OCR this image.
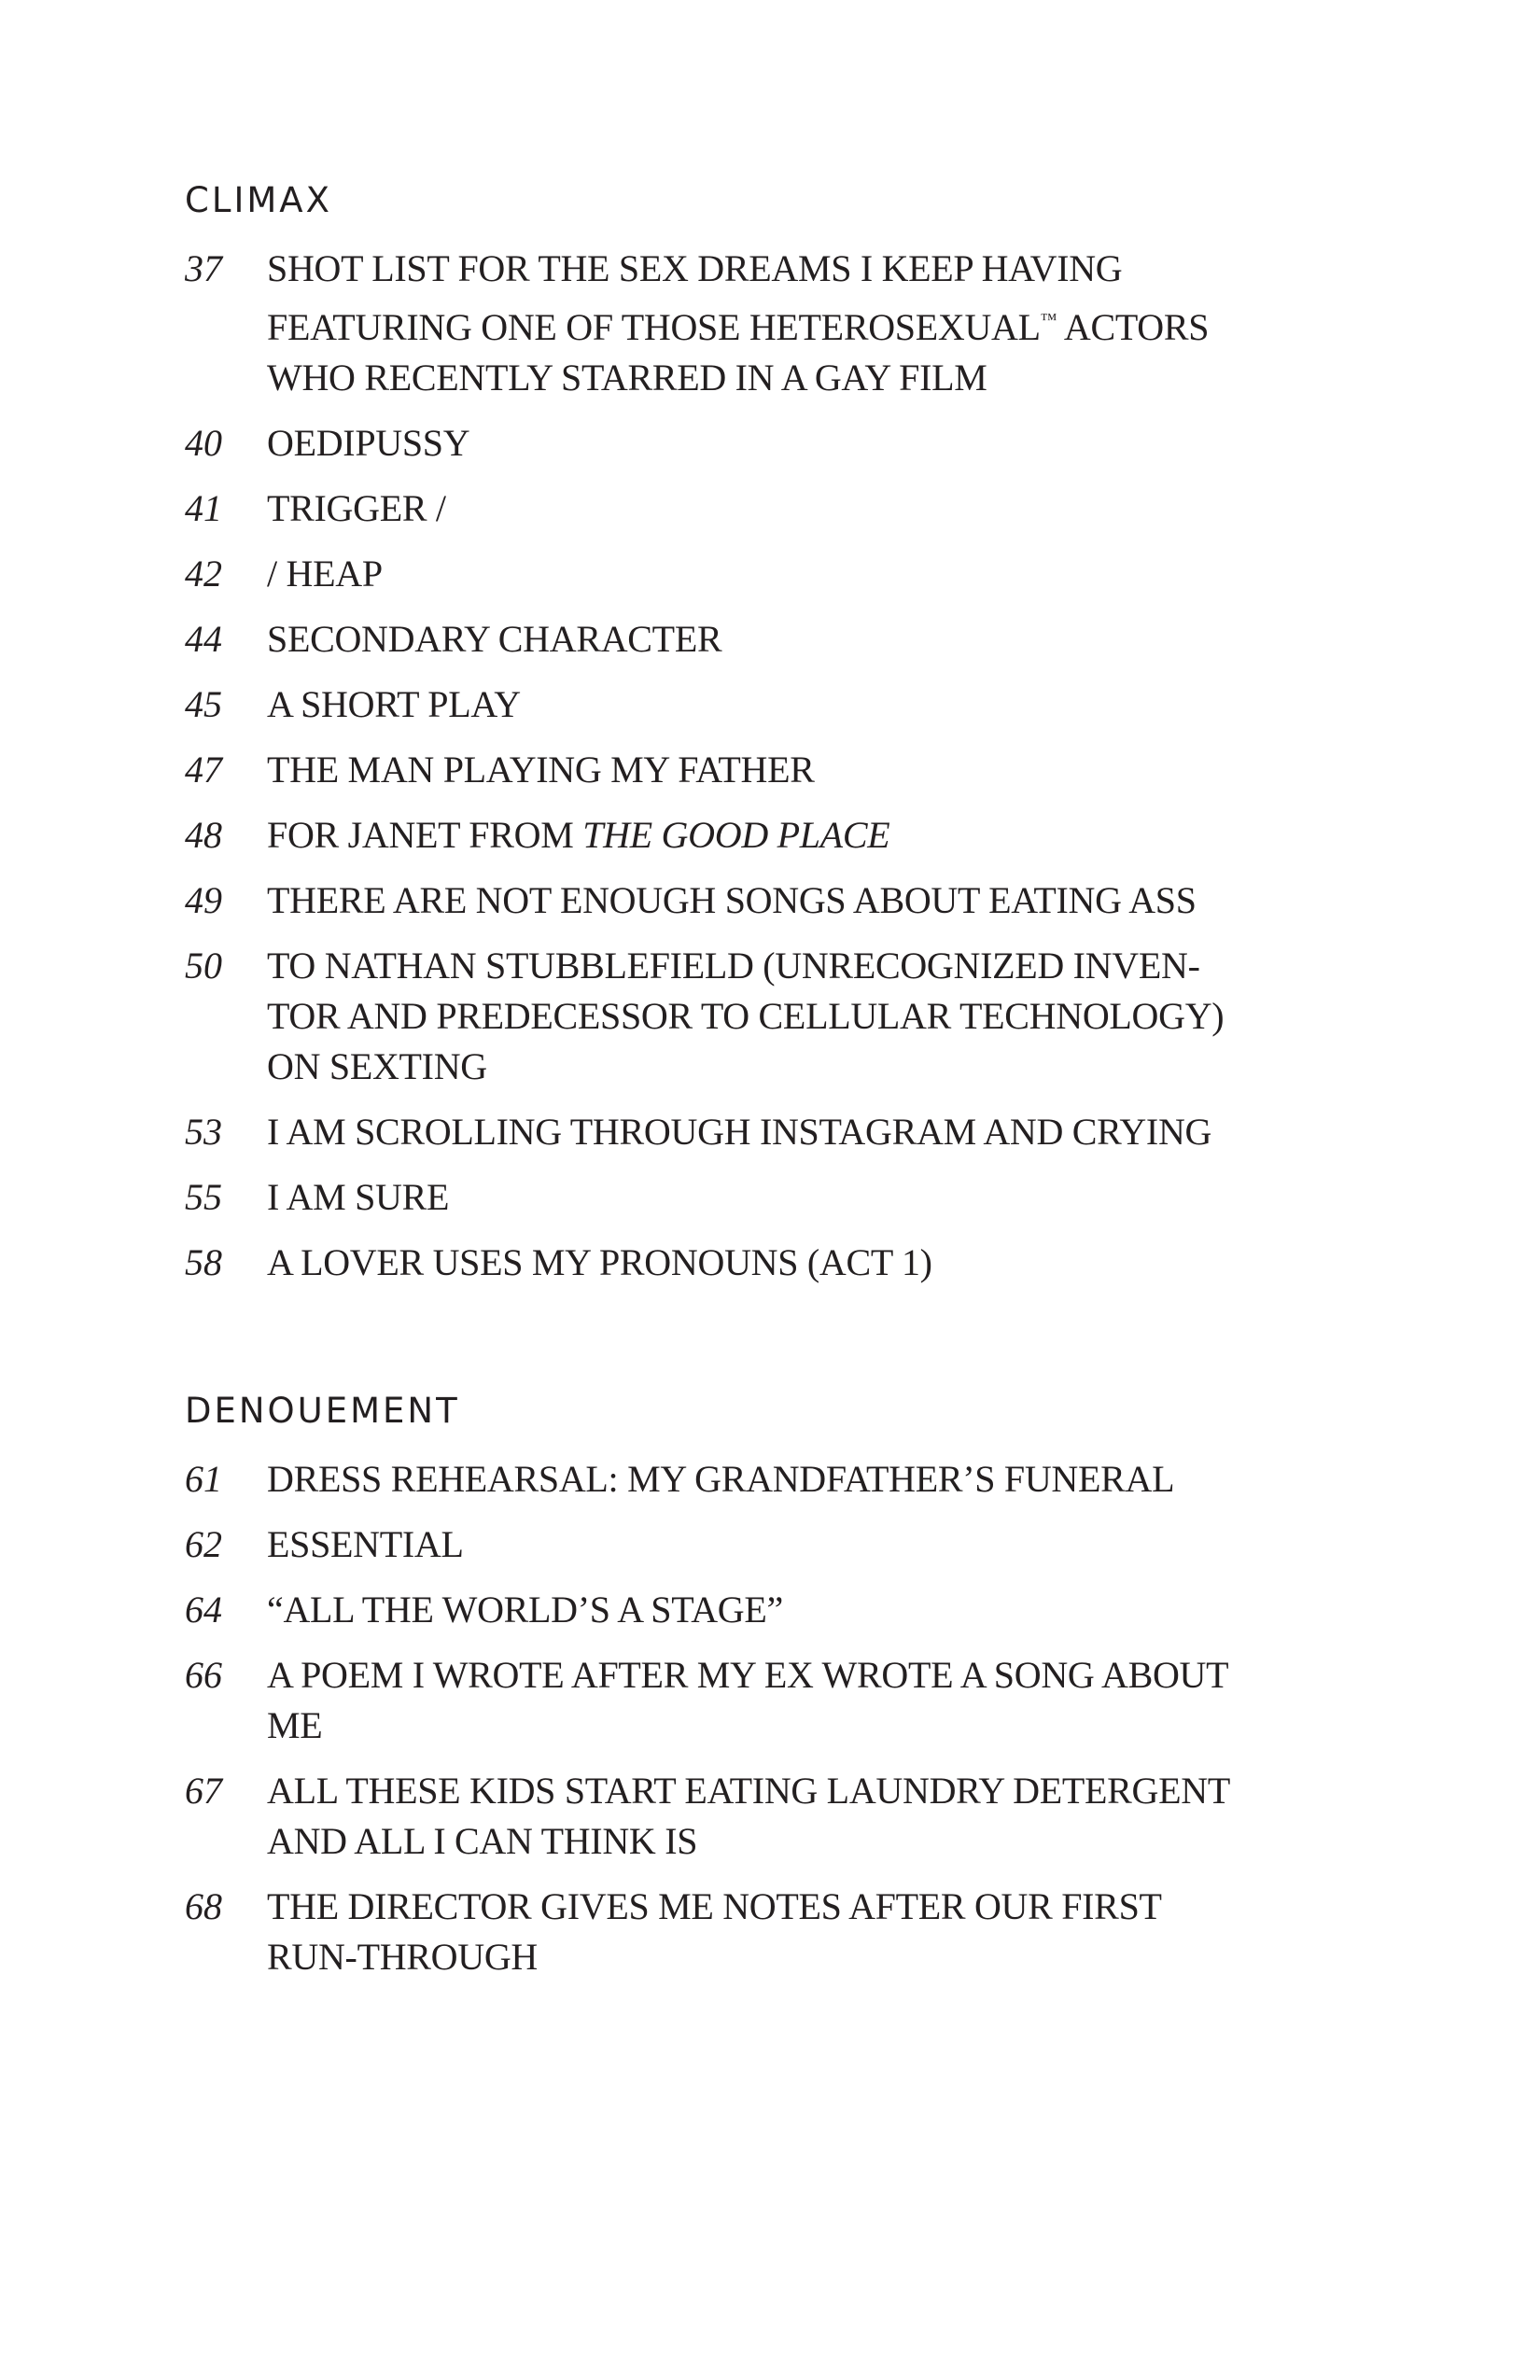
CLIMAX
37	SHOT LIST FOR THE SEX DREAMS I KEEP HAVING
FEATURING ONE OF THOSE HETEROSEXUAL™ ACTORS
WHO RECENTLY STARRED IN A GAY FILM
40	OEDIPUSSY
41	TRIGGER /
42	/ HEAP
44	SECONDARY CHARACTER
45	A SHORT PLAY
47	THE MAN PLAYING MY FATHER
48	FOR JANET FROM THE GOOD PLACE
49	THERE ARE NOT ENOUGH SONGS ABOUT EATING ASS
50	TO NATHAN STUBBLEFIELD (UNRECOGNIZED INVEN-
TOR AND PREDECESSOR TO CELLULAR TECHNOLOGY)
ON SEXTING
53	I AM SCROLLING THROUGH INSTAGRAM AND CRYING
55	I AM SURE
58	A LOVER USES MY PRONOUNS (ACT 1)
DENOUEMENT
61	DRESS REHEARSAL: MY GRANDFATHER’S FUNERAL
62	ESSENTIAL
64	“ALL THE WORLD’S A STAGE”
66	A POEM I WROTE AFTER MY EX WROTE A SONG ABOUT
ME
67	ALL THESE KIDS START EATING LAUNDRY DETERGENT
AND ALL I CAN THINK IS
68	THE DIRECTOR GIVES ME NOTES AFTER OUR FIRST
RUN-THROUGH
